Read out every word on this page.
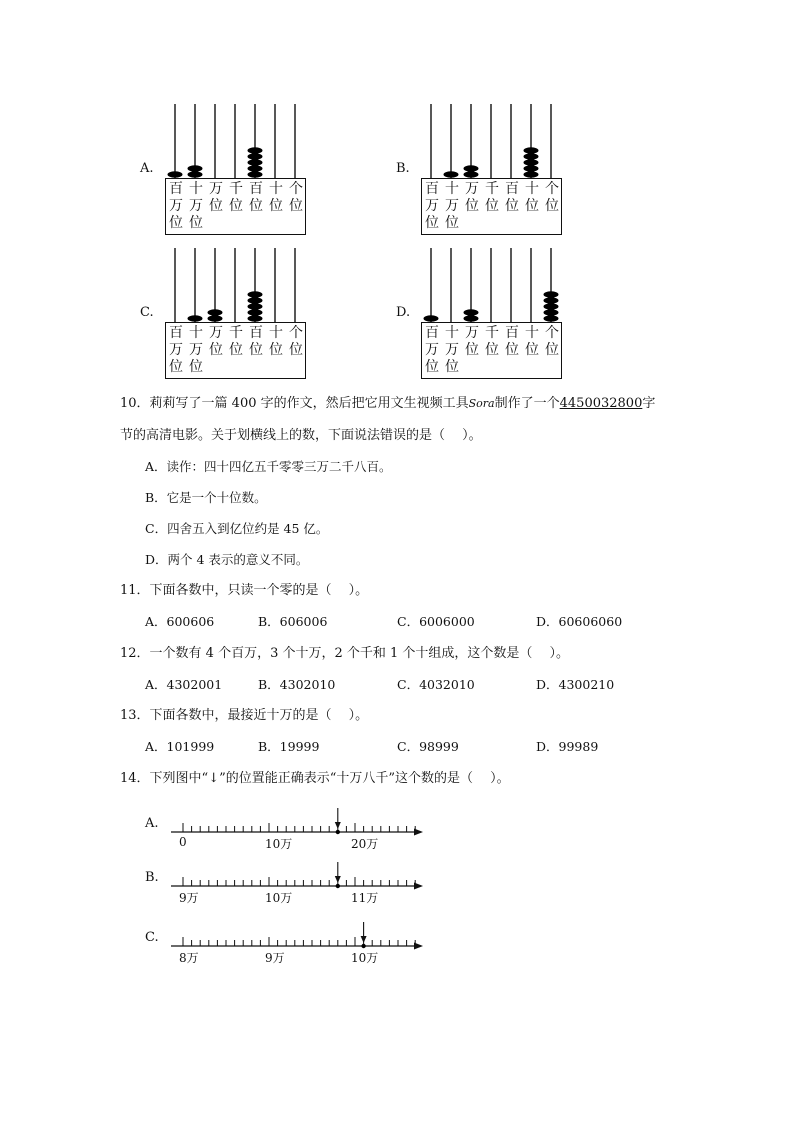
A.
百
万
位
十
万
位
万
位
千
位
百
位
十
位
个
位
B.
百
万
位
十
万
位
万
位
千
位
百
位
十
位
个
位
C.
百
万
位
十
万
位
万
位
千
位
百
位
十
位
个
位
D.
百
万
位
十
万
位
万
位
千
位
百
位
十
位
个
位
10．莉莉写了一篇 400 字的作文，然后把它用文生视频工具Sora制作了一个4450032800字
节的高清电影。关于划横线上的数，下面说法错误的是（　 ）。
A．读作：四十四亿五千零零三万二千八百。
B．它是一个十位数。
C．四舍五入到亿位约是 45 亿。
D．两个 4 表示的意义不同。
11．下面各数中，只读一个零的是（　 ）。
A．600606	B．606006	C．6006000	D．60606060
12．一个数有 4 个百万，3 个十万，2 个千和 1 个十组成，这个数是（　 ）。
A．4302001	B．4302010	C．4032010	D．4300210
13．下面各数中，最接近十万的是（　 ）。
A．101999	B．19999	C．98999	D．99989
14．下列图中“↓”的位置能正确表示“十万八千”这个数的是（　 ）。
A.
0	10万	20万
B.
9万	10万	11万
C.
8万	9万	10万
